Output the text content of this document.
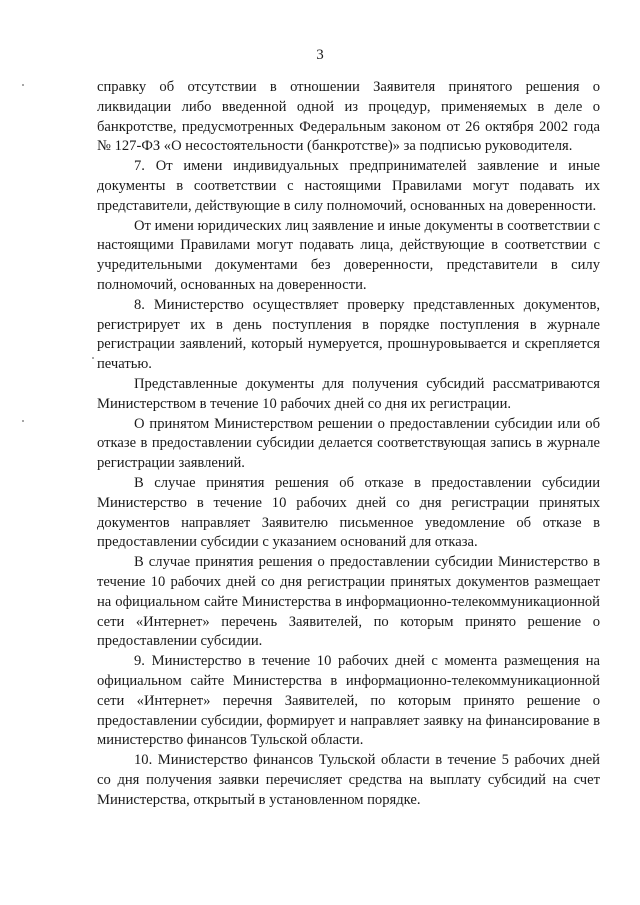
3

справку об отсутствии в отношении Заявителя принятого решения о ликвидации либо введенной одной из процедур, применяемых в деле о банкротстве, предусмотренных Федеральным законом от 26 октября 2002 года № 127-ФЗ «О несостоятельности (банкротстве)» за подписью руководителя.

7. От имени индивидуальных предпринимателей заявление и иные документы в соответствии с настоящими Правилами могут подавать их представители, действующие в силу полномочий, основанных на доверенности.

От имени юридических лиц заявление и иные документы в соответствии с настоящими Правилами могут подавать лица, действующие в соответствии с учредительными документами без доверенности, представители в силу полномочий, основанных на доверенности.

8. Министерство осуществляет проверку представленных документов, регистрирует их в день поступления в порядке поступления в журнале регистрации заявлений, который нумеруется, прошнуровывается и скрепляется печатью.

Представленные документы для получения субсидий рассматриваются Министерством в течение 10 рабочих дней со дня их регистрации.

О принятом Министерством решении о предоставлении субсидии или об отказе в предоставлении субсидии делается соответствующая запись в журнале регистрации заявлений.

В случае принятия решения об отказе в предоставлении субсидии Министерство в течение 10 рабочих дней со дня регистрации принятых документов направляет Заявителю письменное уведомление об отказе в предоставлении субсидии с указанием оснований для отказа.

В случае принятия решения о предоставлении субсидии Министерство в течение 10 рабочих дней со дня регистрации принятых документов размещает на официальном сайте Министерства в информационно-телекоммуникационной сети «Интернет» перечень Заявителей, по которым принято решение о предоставлении субсидии.

9. Министерство в течение 10 рабочих дней с момента размещения на официальном сайте Министерства в информационно-телекоммуникационной сети «Интернет» перечня Заявителей, по которым принято решение о предоставлении субсидии, формирует и направляет заявку на финансирование в министерство финансов Тульской области.

10. Министерство финансов Тульской области в течение 5 рабочих дней со дня получения заявки перечисляет средства на выплату субсидий на счет Министерства, открытый в установленном порядке.
